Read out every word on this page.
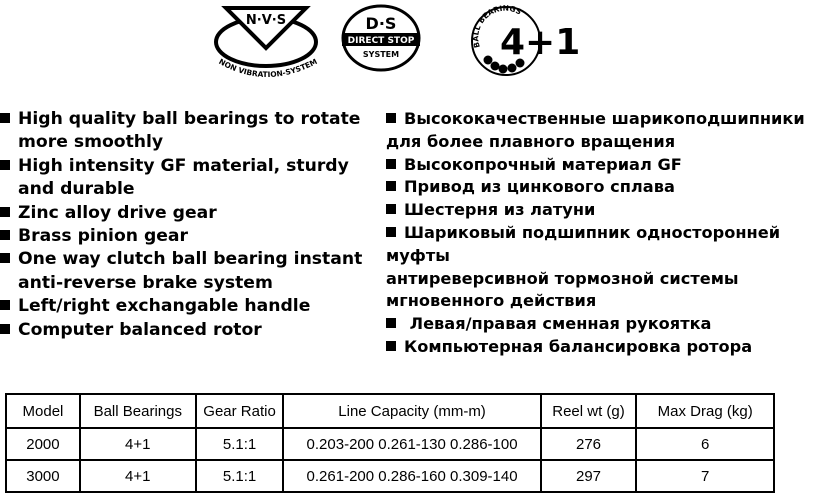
N·V·S
NON VIBRATION-SYSTEM
D·S
DIRECT STOP
SYSTEM
BALL BEARINGS
4+1
High quality ball bearings to rotate
more smoothly
High intensity GF material, sturdy
and durable
Zinc alloy drive gear
Brass pinion gear
One way clutch ball bearing instant
anti-reverse brake system
Left/right exchangable handle
Computer balanced rotor
Высококачественные шарикоподшипники
для более плавного вращения
Высокопрочный материал GF
Привод из цинкового сплава
Шестерня из латуни
Шариковый подшипник односторонней
муфты
антиреверсивной тормозной системы
мгновенного действия
Левая/правая сменная рукоятка
Компьютерная балансировка ротора
Model	Ball Bearings	Gear Ratio	Line Capacity (mm-m)	Reel wt (g)	Max Drag (kg)
2000	4+1	5.1:1	0.203-200 0.261-130 0.286-100	276	6
3000	4+1	5.1:1	0.261-200 0.286-160 0.309-140	297	7
